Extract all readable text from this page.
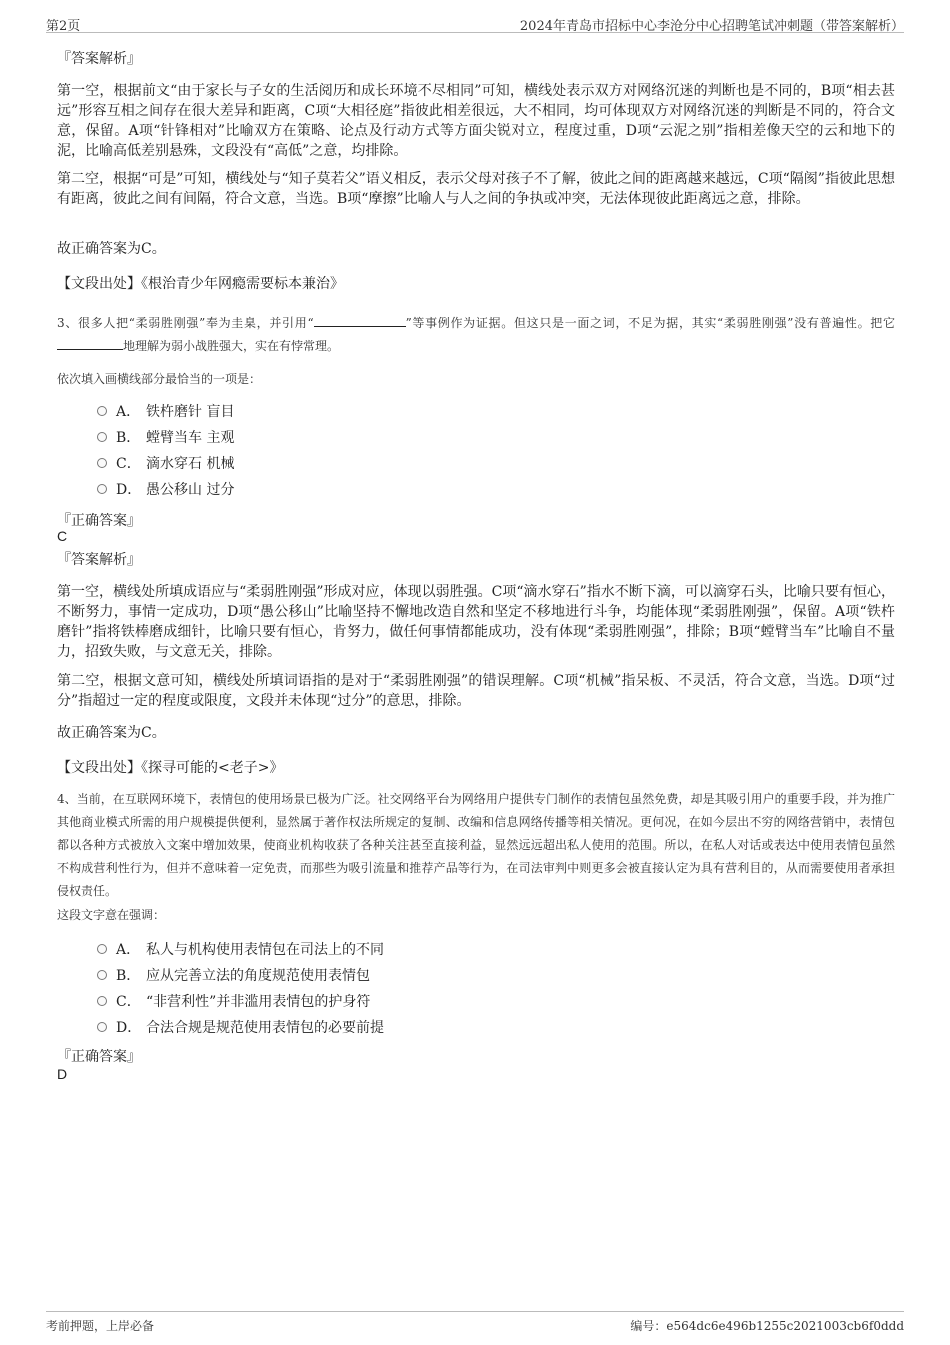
第2页	2024年青岛市招标中心李沧分中心招聘笔试冲刺题（带答案解析）
『答案解析』
第一空，根据前文“由于家长与子女的生活阅历和成长环境不尽相同”可知，横线处表示双方对网络沉迷的判断也是不同的，B项“相去甚远”形容互相之间存在很大差异和距离，C项“大相径庭”指彼此相差很远，大不相同，均可体现双方对网络沉迷的判断是不同的，符合文意，保留。A项“针锋相对”比喻双方在策略、论点及行动方式等方面尖锐对立，程度过重，D项“云泥之别”指相差像天空的云和地下的泥，比喻高低差别悬殊，文段没有“高低”之意，均排除。
第二空，根据“可是”可知，横线处与“知子莫若父”语义相反，表示父母对孩子不了解，彼此之间的距离越来越远，C项“隔阂”指彼此思想有距离，彼此之间有间隔，符合文意，当选。B项“摩擦”比喻人与人之间的争执或冲突，无法体现彼此距离远之意，排除。
故正确答案为C。
【文段出处】《根治青少年网瘾需要标本兼治》
3、很多人把“柔弱胜刚强”奉为圭臬，并引用“	”等事例作为证据。但这只是一面之词，不足为据，其实“柔弱胜刚强”没有普遍性。把它地理解为弱小战胜强大，实在有悖常理。
依次填入画横线部分最恰当的一项是：
A． 铁杵磨针 盲目
B． 螳臂当车 主观
C． 滴水穿石 机械
D． 愚公移山 过分
『正确答案』
C
『答案解析』
第一空，横线处所填成语应与“柔弱胜刚强”形成对应，体现以弱胜强。C项“滴水穿石”指水不断下滴，可以滴穿石头，比喻只要有恒心，不断努力，事情一定成功，D项“愚公移山”比喻坚持不懈地改造自然和坚定不移地进行斗争，均能体现“柔弱胜刚强”，保留。A项“铁杵磨针”指将铁棒磨成细针，比喻只要有恒心，肯努力，做任何事情都能成功，没有体现“柔弱胜刚强”，排除；B项“螳臂当车”比喻自不量力，招致失败，与文意无关，排除。
第二空，根据文意可知，横线处所填词语指的是对于“柔弱胜刚强”的错误理解。C项“机械”指呆板、不灵活，符合文意，当选。D项“过分”指超过一定的程度或限度，文段并未体现“过分”的意思，排除。
故正确答案为C。
【文段出处】《探寻可能的<老子>》
4、当前，在互联网环境下，表情包的使用场景已极为广泛。社交网络平台为网络用户提供专门制作的表情包虽然免费，却是其吸引用户的重要手段，并为推广其他商业模式所需的用户规模提供便利，显然属于著作权法所规定的复制、改编和信息网络传播等相关情况。更何况，在如今层出不穷的网络营销中，表情包都以各种方式被放入文案中增加效果，使商业机构收获了各种关注甚至直接利益，显然远远超出私人使用的范围。所以，在私人对话或表达中使用表情包虽然不构成营利性行为，但并不意味着一定免责，而那些为吸引流量和推荐产品等行为，在司法审判中则更多会被直接认定为具有营利目的，从而需要使用者承担侵权责任。
这段文字意在强调：
A． 私人与机构使用表情包在司法上的不同
B． 应从完善立法的角度规范使用表情包
C． “非营利性”并非滥用表情包的护身符
D． 合法合规是规范使用表情包的必要前提
『正确答案』
D
考前押题，上岸必备	编号：e564dc6e496b1255c2021003cb6f0ddd
